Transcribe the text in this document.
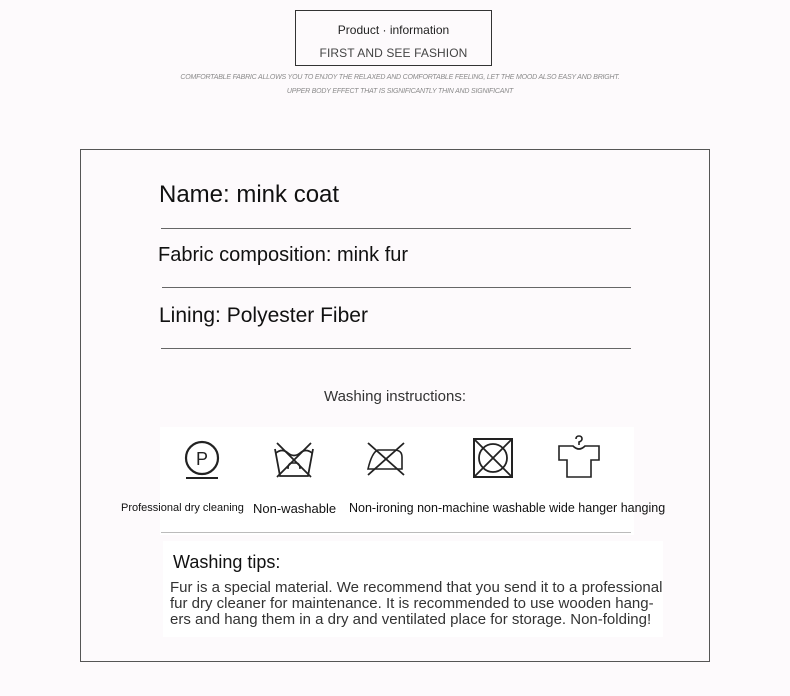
Product · information
FIRST AND SEE FASHION
COMFORTABLE FABRIC ALLOWS YOU TO ENJOY THE RELAXED AND COMFORTABLE FEELING, LET THE MOOD ALSO EASY AND BRIGHT.
UPPER BODY EFFECT THAT IS SIGNIFICANTLY THIN AND SIGNIFICANT
Name: mink coat
Fabric composition: mink fur
Lining: Polyester Fiber
Washing instructions:
P
Professional dry cleaning Non-washable Non-ironing non-machine washable wide hanger hanging
Washing tips:
Fur is a special material. We recommend that you send it to a professional
fur dry cleaner for maintenance. It is recommended to use wooden hang-
ers and hang them in a dry and ventilated place for storage. Non-folding!
